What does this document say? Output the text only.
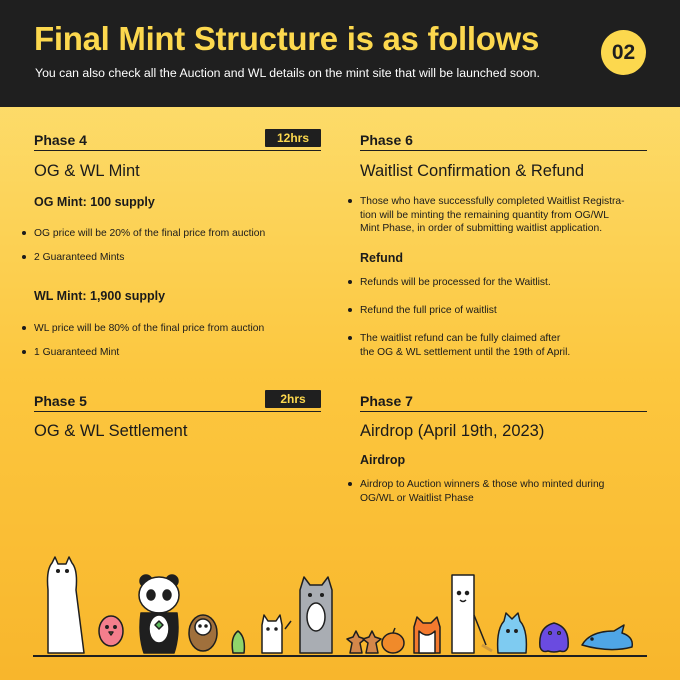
Final Mint Structure is as follows
You can also check all the Auction and WL details on the mint site that will be launched soon.
02
Phase 4	12hrs
OG & WL Mint
OG Mint: 100 supply
OG price will be 20% of the final price from auction
2 Guaranteed Mints
WL Mint: 1,900 supply
WL price will be 80% of the final price from auction
1 Guaranteed Mint
Phase 5	2hrs
OG & WL Settlement
Phase 6
Waitlist Confirmation & Refund
Those who have successfully completed Waitlist Registra-
tion will be minting the remaining quantity from OG/WL
Mint Phase, in order of submitting waitlist application.
Refund
Refunds will be processed for the Waitlist.
Refund the full price of waitlist
The waitlist refund can be fully claimed after
the OG & WL settlement until the 19th of April.
Phase 7
Airdrop (April 19th, 2023)
Airdrop
Airdrop to Auction winners & those who minted during
OG/WL or Waitlist Phase
